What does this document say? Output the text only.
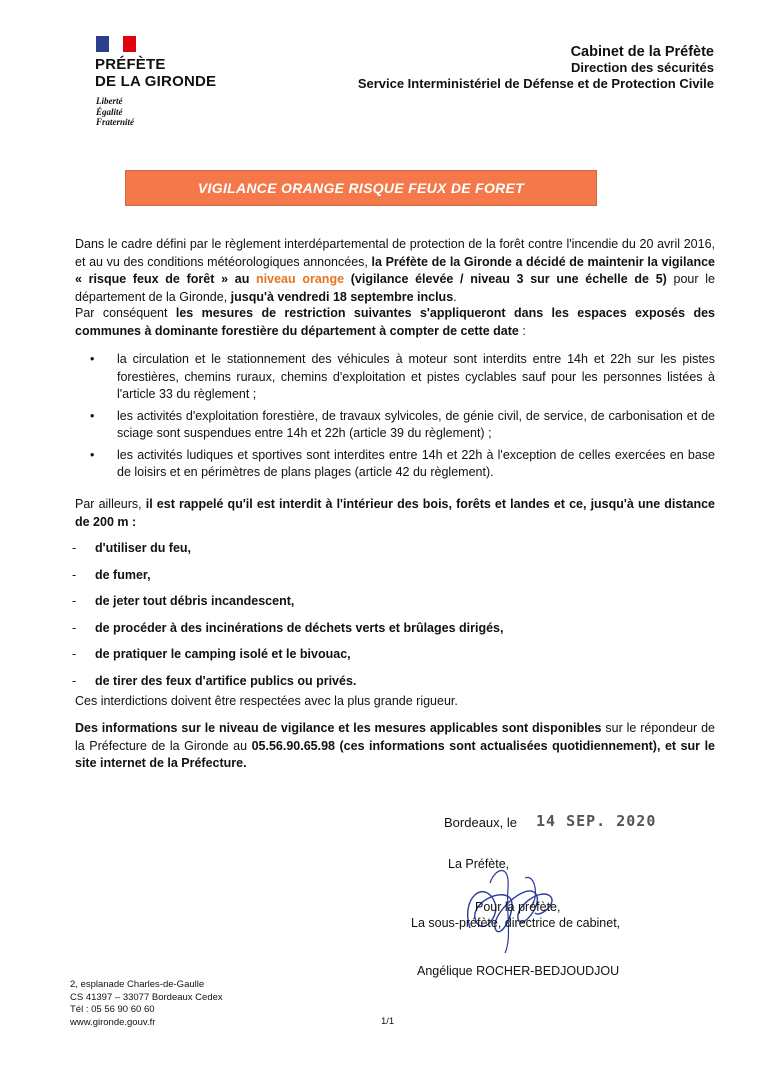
PRÉFÈTE
DE LA GIRONDE
Liberté
Égalité
Fraternité
Cabinet de la Préfète
Direction des sécurités
Service Interministériel de Défense et de Protection Civile
VIGILANCE ORANGE RISQUE FEUX DE FORET
Dans le cadre défini par le règlement interdépartemental de protection de la forêt contre l'incendie du 20 avril 2016, et au vu des conditions météorologiques annoncées, la Préfète de la Gironde a décidé de maintenir la vigilance « risque feux de forêt » au niveau orange (vigilance élevée / niveau 3 sur une échelle de 5) pour le département de la Gironde, jusqu'à vendredi 18 septembre inclus.
Par conséquent les mesures de restriction suivantes s'appliqueront dans les espaces exposés des communes à dominante forestière du département à compter de cette date :
• la circulation et le stationnement des véhicules à moteur sont interdits entre 14h et 22h sur les pistes forestières, chemins ruraux, chemins d'exploitation et pistes cyclables sauf pour les personnes listées à l'article 33 du règlement ;
• les activités d'exploitation forestière, de travaux sylvicoles, de génie civil, de service, de carbonisation et de sciage sont suspendues entre 14h et 22h (article 39 du règlement) ;
• les activités ludiques et sportives sont interdites entre 14h et 22h à l'exception de celles exercées en base de loisirs et en périmètres de plans plages (article 42 du règlement).
Par ailleurs, il est rappelé qu'il est interdit à l'intérieur des bois, forêts et landes et ce, jusqu'à une distance de 200 m :
- d'utiliser du feu,
- de fumer,
- de jeter tout débris incandescent,
- de procéder à des incinérations de déchets verts et brûlages dirigés,
- de pratiquer le camping isolé et le bivouac,
- de tirer des feux d'artifice publics ou privés.
Ces interdictions doivent être respectées avec la plus grande rigueur.
Des informations sur le niveau de vigilance et les mesures applicables sont disponibles sur le répondeur de la Préfecture de la Gironde au 05.56.90.65.98 (ces informations sont actualisées quotidiennement), et sur le site internet de la Préfecture.
Bordeaux, le 14 SEP. 2020
La Préfète,
Pour la préfète,
La sous-préfète, directrice de cabinet,
Angélique ROCHER-BEDJOUDJOU
2, esplanade Charles-de-Gaulle
CS 41397 – 33077 Bordeaux Cedex
Tél : 05 56 90 60 60
www.gironde.gouv.fr	1/1
